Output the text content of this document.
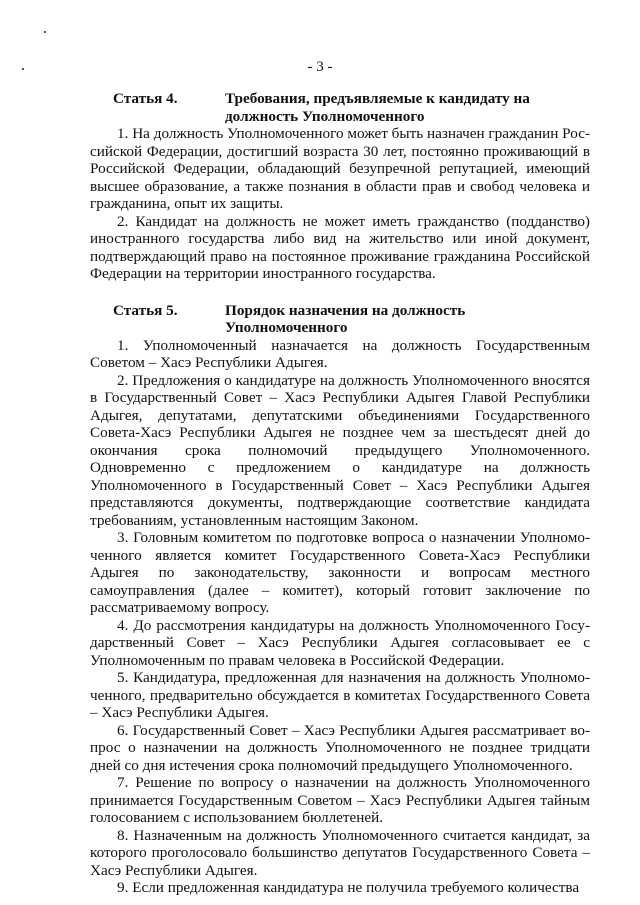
- 3 -
Статья 4.	Требования, предъявляемые к кандидату на должность Уполномоченного

1. На должность Уполномоченного может быть назначен гражданин Российской Федерации, достигший возраста 30 лет, постоянно проживающий в Российской Федерации, обладающий безупречной репутацией, имеющий высшее образование, а также познания в области прав и свобод человека и гражданина, опыт их защиты.

2. Кандидат на должность не может иметь гражданство (подданство) иностранного государства либо вид на жительство или иной документ, подтверждающий право на постоянное проживание гражданина Российской Федерации на территории иностранного государства.

Статья 5.	Порядок назначения на должность Уполномоченного

1. Уполномоченный назначается на должность Государственным Советом – Хасэ Республики Адыгея.

2. Предложения о кандидатуре на должность Уполномоченного вносятся в Государственный Совет – Хасэ Республики Адыгея Главой Республики Адыгея, депутатами, депутатскими объединениями Государственного Совета-Хасэ Республики Адыгея не позднее чем за шестьдесят дней до окончания срока полномочий предыдущего Уполномоченного. Одновременно с предложением о кандидатуре на должность Уполномоченного в Государственный Совет – Хасэ Республики Адыгея представляются документы, подтверждающие соответствие кандидата требованиям, установленным настоящим Законом.

3. Головным комитетом по подготовке вопроса о назначении Уполномоченного является комитет Государственного Совета-Хасэ Республики Адыгея по законодательству, законности и вопросам местного самоуправления (далее – комитет), который готовит заключение по рассматриваемому вопросу.

4. До рассмотрения кандидатуры на должность Уполномоченного Государственный Совет – Хасэ Республики Адыгея согласовывает ее с Уполномоченным по правам человека в Российской Федерации.

5. Кандидатура, предложенная для назначения на должность Уполномоченного, предварительно обсуждается в комитетах Государственного Совета – Хасэ Республики Адыгея.

6. Государственный Совет – Хасэ Республики Адыгея рассматривает вопрос о назначении на должность Уполномоченного не позднее тридцати дней со дня истечения срока полномочий предыдущего Уполномоченного.

7. Решение по вопросу о назначении на должность Уполномоченного принимается Государственным Советом – Хасэ Республики Адыгея тайным голосованием с использованием бюллетеней.

8. Назначенным на должность Уполномоченного считается кандидат, за которого проголосовало большинство депутатов Государственного Совета – Хасэ Республики Адыгея.

9. Если предложенная кандидатура не получила требуемого количества
